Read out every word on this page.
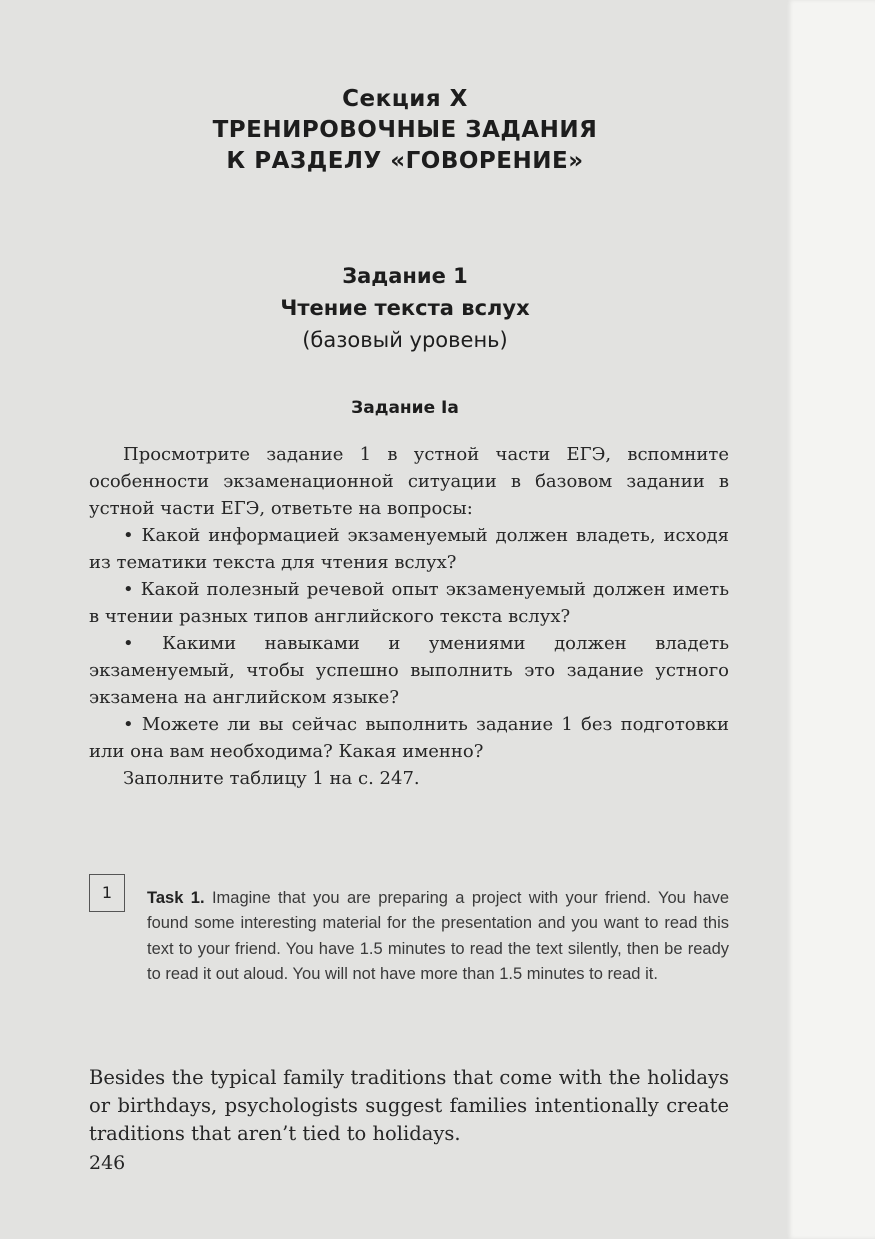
Секция X
ТРЕНИРОВОЧНЫЕ ЗАДАНИЯ
К РАЗДЕЛУ «ГОВОРЕНИЕ»
Задание 1
Чтение текста вслух
(базовый уровень)
Задание Iа

Просмотрите задание 1 в устной части ЕГЭ, вспомните особенности экзаменационной ситуации в базовом задании в устной части ЕГЭ, ответьте на вопросы:

• Какой информацией экзаменуемый должен владеть, исходя из тематики текста для чтения вслух?

• Какой полезный речевой опыт экзаменуемый должен иметь в чтении разных типов английского текста вслух?

• Какими навыками и умениями должен владеть экзаменуемый, чтобы успешно выполнить это задание устного экзамена на английском языке?

• Можете ли вы сейчас выполнить задание 1 без подготовки или она вам необходима? Какая именно?

Заполните таблицу 1 на с. 247.

1	Task 1. Imagine that you are preparing a project with your friend. You have found some interesting material for the presentation and you want to read this text to your friend. You have 1.5 minutes to read the text silently, then be ready to read it out aloud. You will not have more than 1.5 minutes to read it.
Besides the typical family traditions that come with the holidays or birthdays, psychologists suggest families intentionally create traditions that aren’t tied to holidays.
246
